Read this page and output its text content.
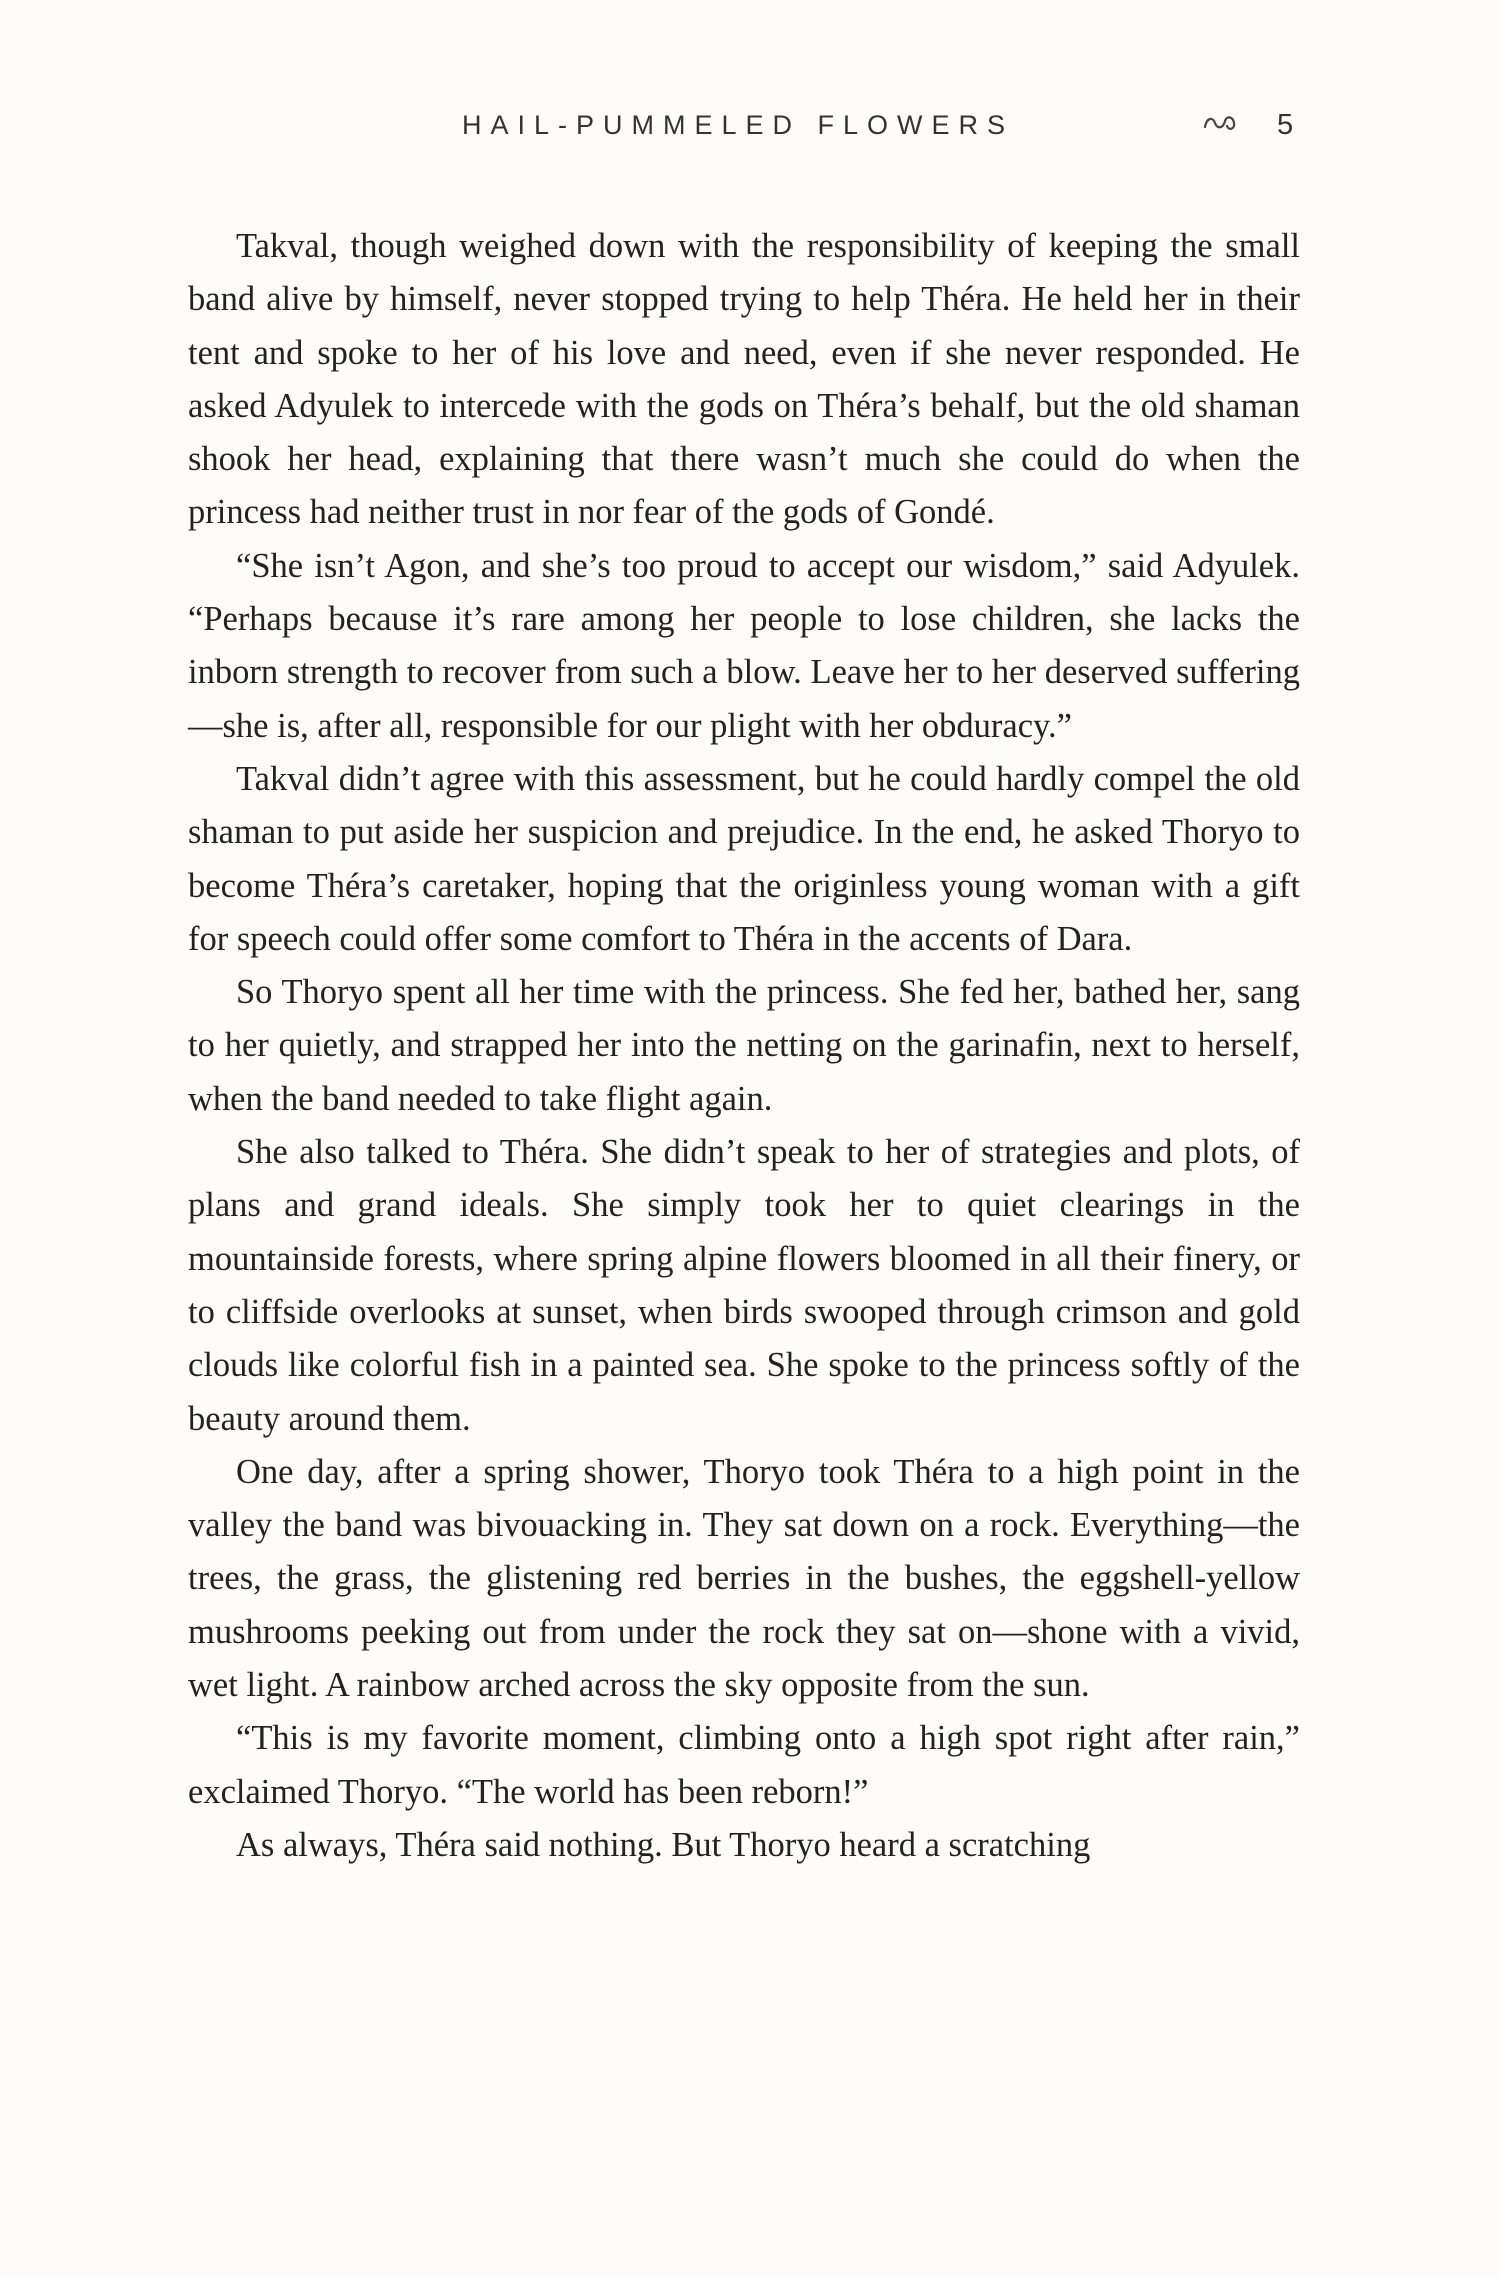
HAIL-PUMMELED FLOWERS	5

Takval, though weighed down with the responsibility of keeping the small band alive by himself, never stopped trying to help Théra. He held her in their tent and spoke to her of his love and need, even if she never responded. He asked Adyulek to intercede with the gods on Théra’s behalf, but the old shaman shook her head, explaining that there wasn’t much she could do when the princess had neither trust in nor fear of the gods of Gondé.

“She isn’t Agon, and she’s too proud to accept our wisdom,” said Adyulek. “Perhaps because it’s rare among her people to lose children, she lacks the inborn strength to recover from such a blow. Leave her to her deserved suffering—she is, after all, responsible for our plight with her obduracy.”

Takval didn’t agree with this assessment, but he could hardly compel the old shaman to put aside her suspicion and prejudice. In the end, he asked Thoryo to become Théra’s caretaker, hoping that the originless young woman with a gift for speech could offer some comfort to Théra in the accents of Dara.

So Thoryo spent all her time with the princess. She fed her, bathed her, sang to her quietly, and strapped her into the netting on the garinafin, next to herself, when the band needed to take flight again.

She also talked to Théra. She didn’t speak to her of strategies and plots, of plans and grand ideals. She simply took her to quiet clearings in the mountainside forests, where spring alpine flowers bloomed in all their finery, or to cliffside overlooks at sunset, when birds swooped through crimson and gold clouds like colorful fish in a painted sea. She spoke to the princess softly of the beauty around them.

One day, after a spring shower, Thoryo took Théra to a high point in the valley the band was bivouacking in. They sat down on a rock. Everything—the trees, the grass, the glistening red berries in the bushes, the eggshell-yellow mushrooms peeking out from under the rock they sat on—shone with a vivid, wet light. A rainbow arched across the sky opposite from the sun.

“This is my favorite moment, climbing onto a high spot right after rain,” exclaimed Thoryo. “The world has been reborn!”

As always, Théra said nothing. But Thoryo heard a scratching
